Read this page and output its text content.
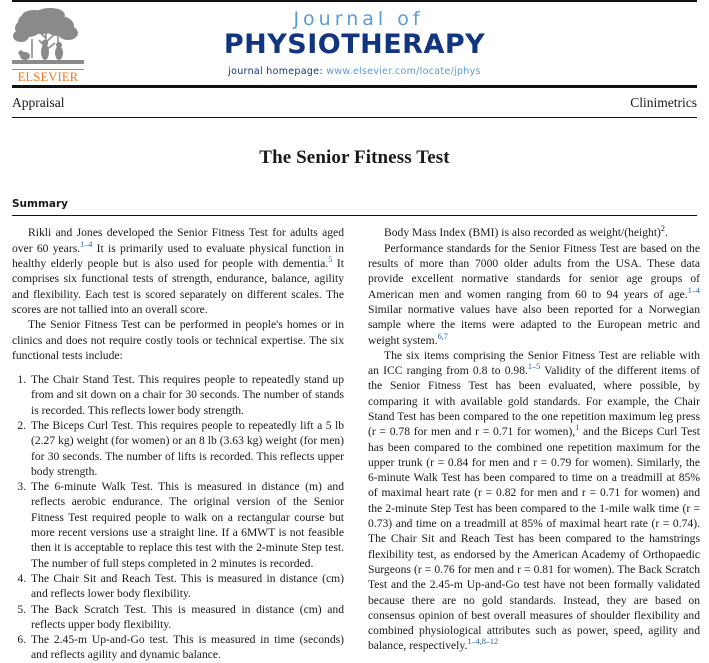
ELSEVIER
Journal of
PHYSIOTHERAPY
journal homepage: www.elsevier.com/locate/jphys
Appraisal	Clinimetrics
The Senior Fitness Test
Summary

Rikli and Jones developed the Senior Fitness Test for adults aged over 60 years.$^{1-4}$ It is primarily used to evaluate physical function in healthy elderly people but is also used for people with dementia.$^5$ It comprises six functional tests of strength, endurance, balance, agility and flexibility. Each test is scored separately on different scales. The scores are not tallied into an overall score.

The Senior Fitness Test can be performed in people's homes or in clinics and does not require costly tools or technical expertise. The six functional tests include:

1. The Chair Stand Test. This requires people to repeatedly stand up from and sit down on a chair for 30 seconds. The number of stands is recorded. This reflects lower body strength.
2. The Biceps Curl Test. This requires people to repeatedly lift a 5 lb (2.27 kg) weight (for women) or an 8 lb (3.63 kg) weight (for men) for 30 seconds. The number of lifts is recorded. This reflects upper body strength.
3. The 6-minute Walk Test. This is measured in distance (m) and reflects aerobic endurance. The original version of the Senior Fitness Test required people to walk on a rectangular course but more recent versions use a straight line. If a 6MWT is not feasible then it is acceptable to replace this test with the 2-minute Step test. The number of full steps completed in 2 minutes is recorded.
4. The Chair Sit and Reach Test. This is measured in distance (cm) and reflects lower body flexibility.
5. The Back Scratch Test. This is measured in distance (cm) and reflects upper body flexibility.
6. The 2.45-m Up-and-Go test. This is measured in time (seconds) and reflects agility and dynamic balance.

Body Mass Index (BMI) is also recorded as weight/(height)$^2$.

Performance standards for the Senior Fitness Test are based on the results of more than 7000 older adults from the USA. These data provide excellent normative standards for senior age groups of American men and women ranging from 60 to 94 years of age.$^{1-4}$ Similar normative values have also been reported for a Norwegian sample where the items were adapted to the European metric and weight system.$^{6,7}$

The six items comprising the Senior Fitness Test are reliable with an ICC ranging from 0.8 to 0.98.$^{1-5}$ Validity of the different items of the Senior Fitness Test has been evaluated, where possible, by comparing it with available gold standards. For example, the Chair Stand Test has been compared to the one repetition maximum leg press (r = 0.78 for men and r = 0.71 for women),$^1$ and the Biceps Curl Test has been compared to the combined one repetition maximum for the upper trunk (r = 0.84 for men and r = 0.79 for women). Similarly, the 6-minute Walk Test has been compared to time on a treadmill at 85% of maximal heart rate (r = 0.82 for men and r = 0.71 for women) and the 2-minute Step Test has been compared to the 1-mile walk time (r = 0.73) and time on a treadmill at 85% of maximal heart rate (r = 0.74). The Chair Sit and Reach Test has been compared to the hamstrings flexibility test, as endorsed by the American Academy of Orthopaedic Surgeons (r = 0.76 for men and r = 0.81 for women). The Back Scratch Test and the 2.45-m Up-and-Go test have not been formally validated because there are no gold standards. Instead, they are based on consensus opinion of best overall measures of shoulder flexibility and combined physiological attributes such as power, speed, agility and balance, respectively.$^{1-4,8-12}$
